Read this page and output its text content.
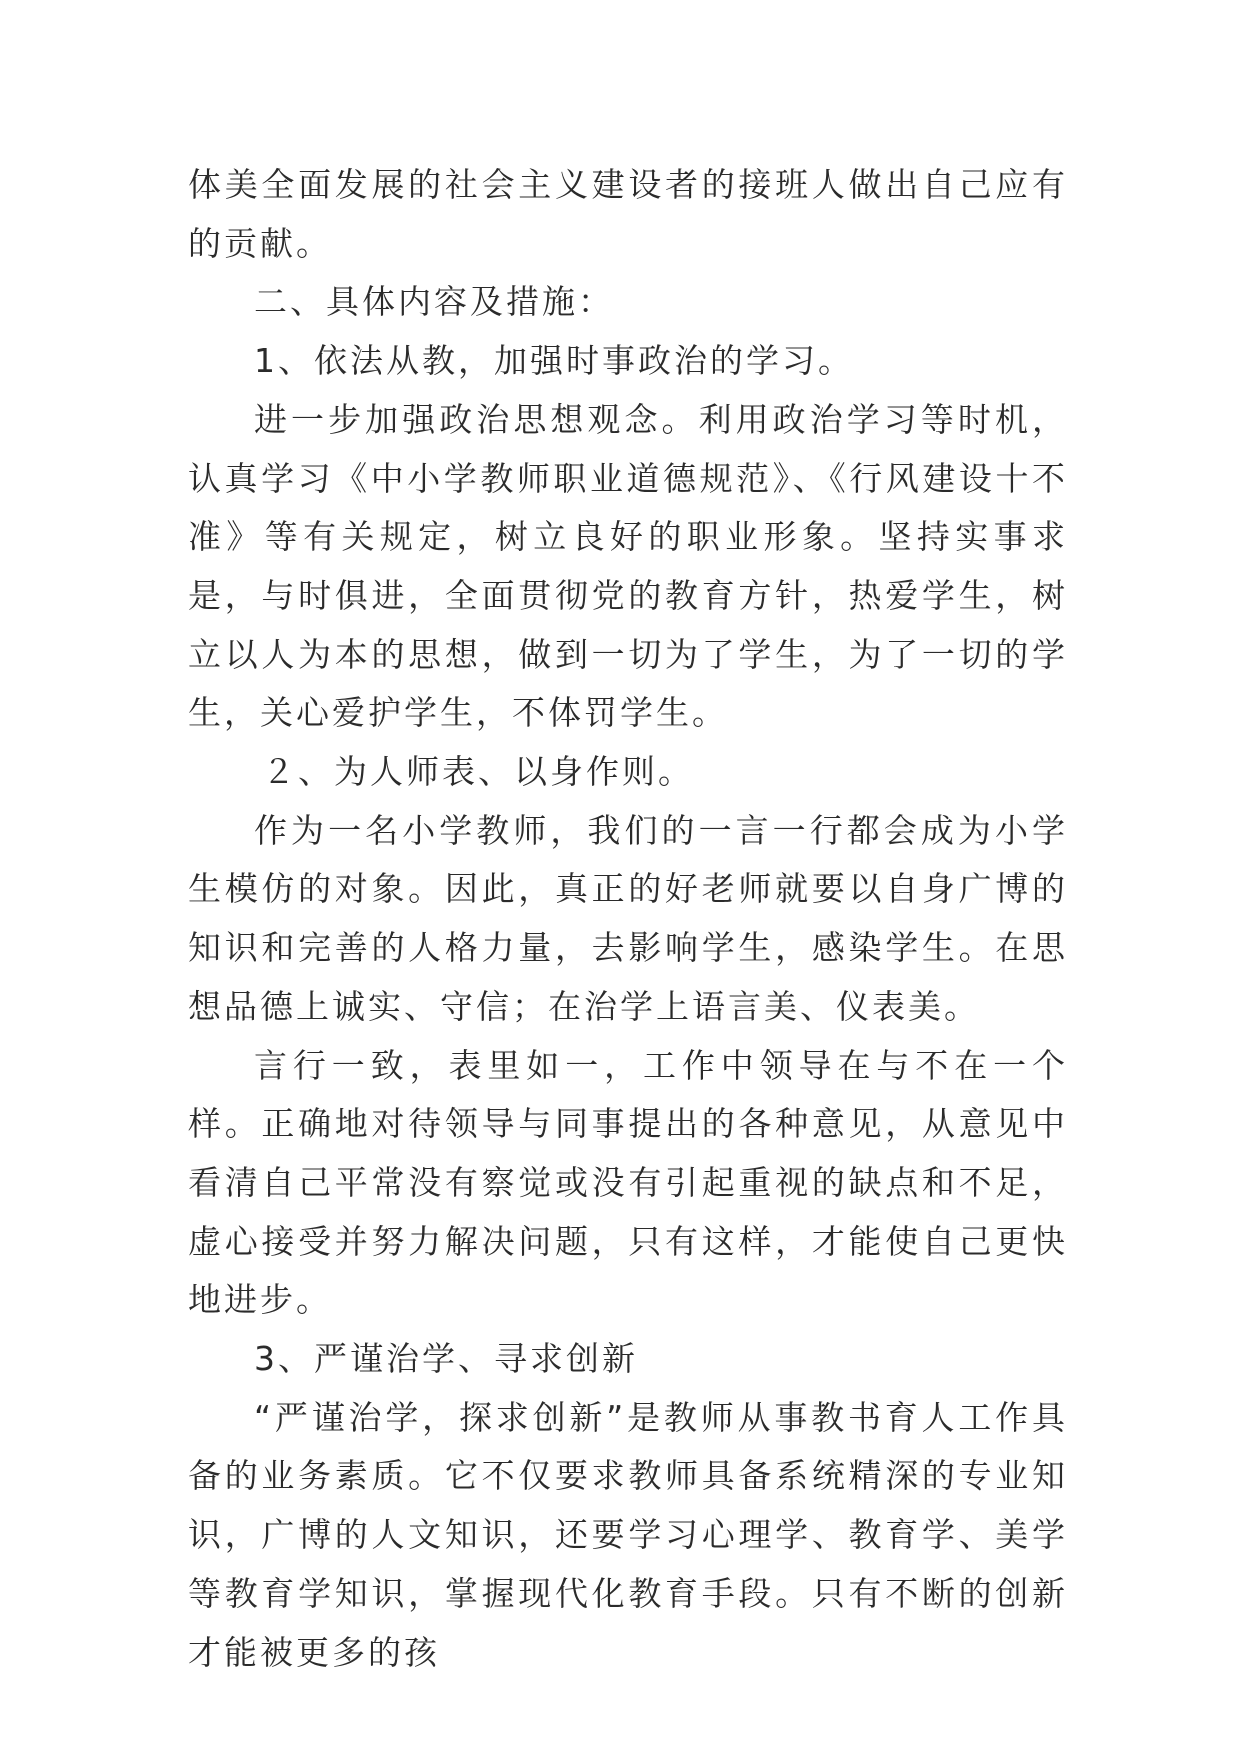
体美全面发展的社会主义建设者的接班人做出自己应有的贡献。

二、具体内容及措施：

1、依法从教，加强时事政治的学习。

进一步加强政治思想观念。利用政治学习等时机，认真学习《中小学教师职业道德规范》、《行风建设十不准》等有关规定，树立良好的职业形象。坚持实事求是，与时俱进，全面贯彻党的教育方针，热爱学生，树立以人为本的思想，做到一切为了学生，为了一切的学生，关心爱护学生，不体罚学生。

２、为人师表、以身作则。

作为一名小学教师，我们的一言一行都会成为小学生模仿的对象。因此，真正的好老师就要以自身广博的知识和完善的人格力量，去影响学生，感染学生。在思想品德上诚实、守信；在治学上语言美、仪表美。

言行一致，表里如一，工作中领导在与不在一个样。正确地对待领导与同事提出的各种意见，从意见中看清自己平常没有察觉或没有引起重视的缺点和不足，虚心接受并努力解决问题，只有这样，才能使自己更快地进步。

3、严谨治学、寻求创新

“严谨治学，探求创新”是教师从事教书育人工作具备的业务素质。它不仅要求教师具备系统精深的专业知识，广博的人文知识，还要学习心理学、教育学、美学等教育学知识，掌握现代化教育手段。只有不断的创新才能被更多的孩
